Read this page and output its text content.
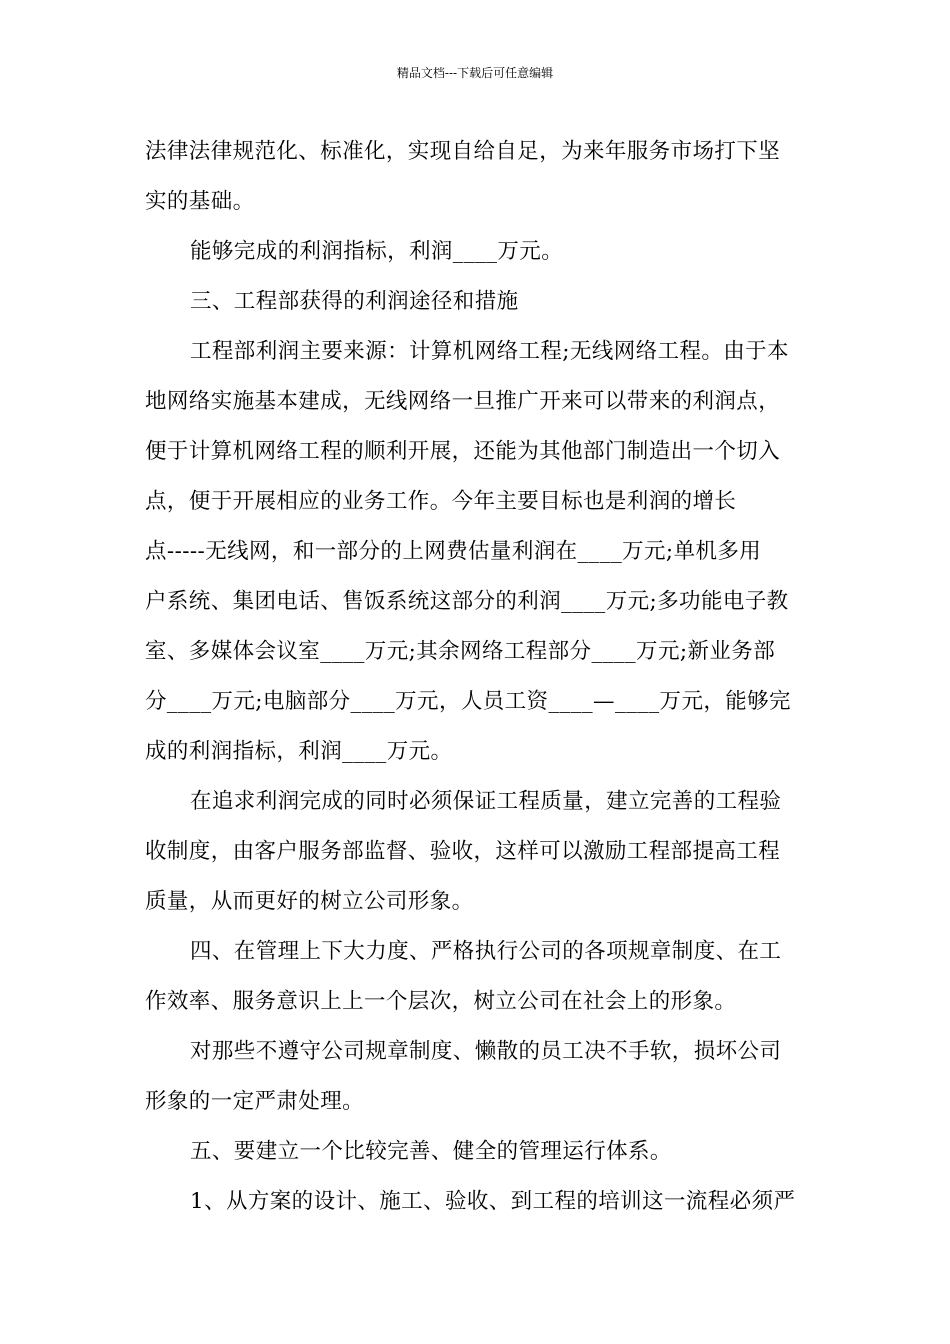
精品文档---下载后可任意编辑
法律法律规范化、标准化，实现自给自足，为来年服务市场打下坚
实的基础。
能够完成的利润指标，利润____万元。
三、工程部获得的利润途径和措施
工程部利润主要来源：计算机网络工程;无线网络工程。由于本
地网络实施基本建成，无线网络一旦推广开来可以带来的利润点，
便于计算机网络工程的顺利开展，还能为其他部门制造出一个切入
点，便于开展相应的业务工作。今年主要目标也是利润的增长
点-----无线网，和一部分的上网费估量利润在____万元;单机多用
户系统、集团电话、售饭系统这部分的利润____万元;多功能电子教
室、多媒体会议室____万元;其余网络工程部分____万元;新业务部
分____万元;电脑部分____万元，人员工资____—____万元，能够完
成的利润指标，利润____万元。
在追求利润完成的同时必须保证工程质量，建立完善的工程验
收制度，由客户服务部监督、验收，这样可以激励工程部提高工程
质量，从而更好的树立公司形象。
四、在管理上下大力度、严格执行公司的各项规章制度、在工
作效率、服务意识上上一个层次，树立公司在社会上的形象。
对那些不遵守公司规章制度、懒散的员工决不手软，损坏公司
形象的一定严肃处理。
五、要建立一个比较完善、健全的管理运行体系。
1、从方案的设计、施工、验收、到工程的培训这一流程必须严
